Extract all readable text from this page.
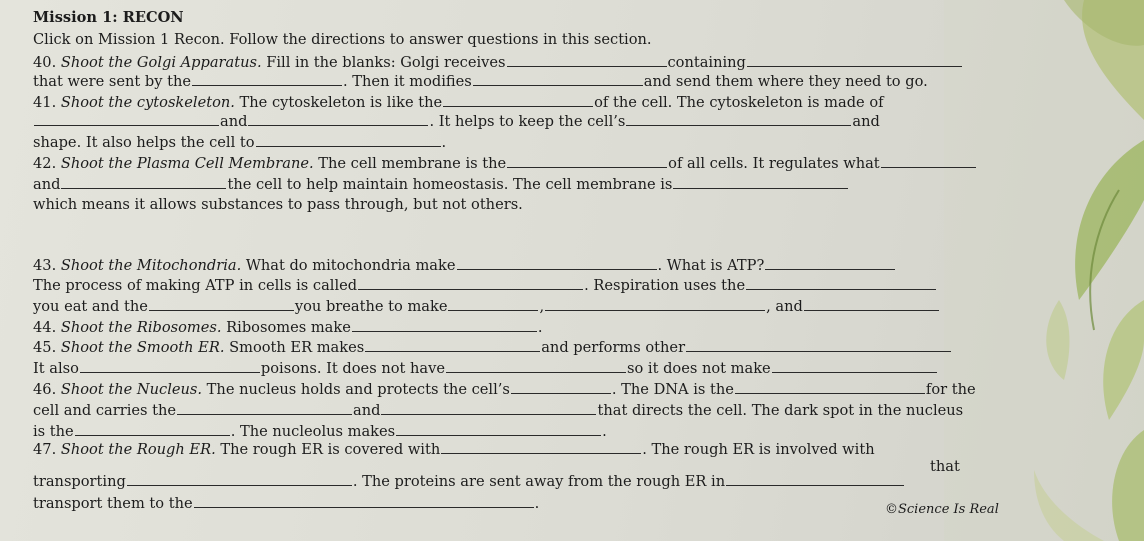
Mission 1: RECON
Click on Mission 1 Recon. Follow the directions to answer questions in this section.
40. Shoot the Golgi Apparatus. Fill in the blanks: Golgi receives	containing
that were sent by the	. Then it modifies	and send them where they need to go.
41. Shoot the cytoskeleton. The cytoskeleton is like the	of the cell. The cytoskeleton is made of
and	. It helps to keep the cell’s	and
shape. It also helps the cell to	.
42. Shoot the Plasma Cell Membrane. The cell membrane is the	of all cells. It regulates what
and	the cell to help maintain homeostasis. The cell membrane is
which means it allows substances to pass through, but not others.
43. Shoot the Mitochondria. What do mitochondria make	. What is ATP?
The process of making ATP in cells is called	. Respiration uses the
you eat and the	you breathe to make	,	, and
44. Shoot the Ribosomes. Ribosomes make	.
45. Shoot the Smooth ER. Smooth ER makes	and performs other
It also	poisons. It does not have	so it does not make
46. Shoot the Nucleus. The nucleus holds and protects the cell’s	. The DNA is the	for the
cell and carries the	and	that directs the cell. The dark spot in the nucleus
is the	. The nucleolus makes	.
47. Shoot the Rough ER. The rough ER is covered with	. The rough ER is involved with
that
transporting	. The proteins are sent away from the rough ER in
transport them to the	.	©Science Is Real
